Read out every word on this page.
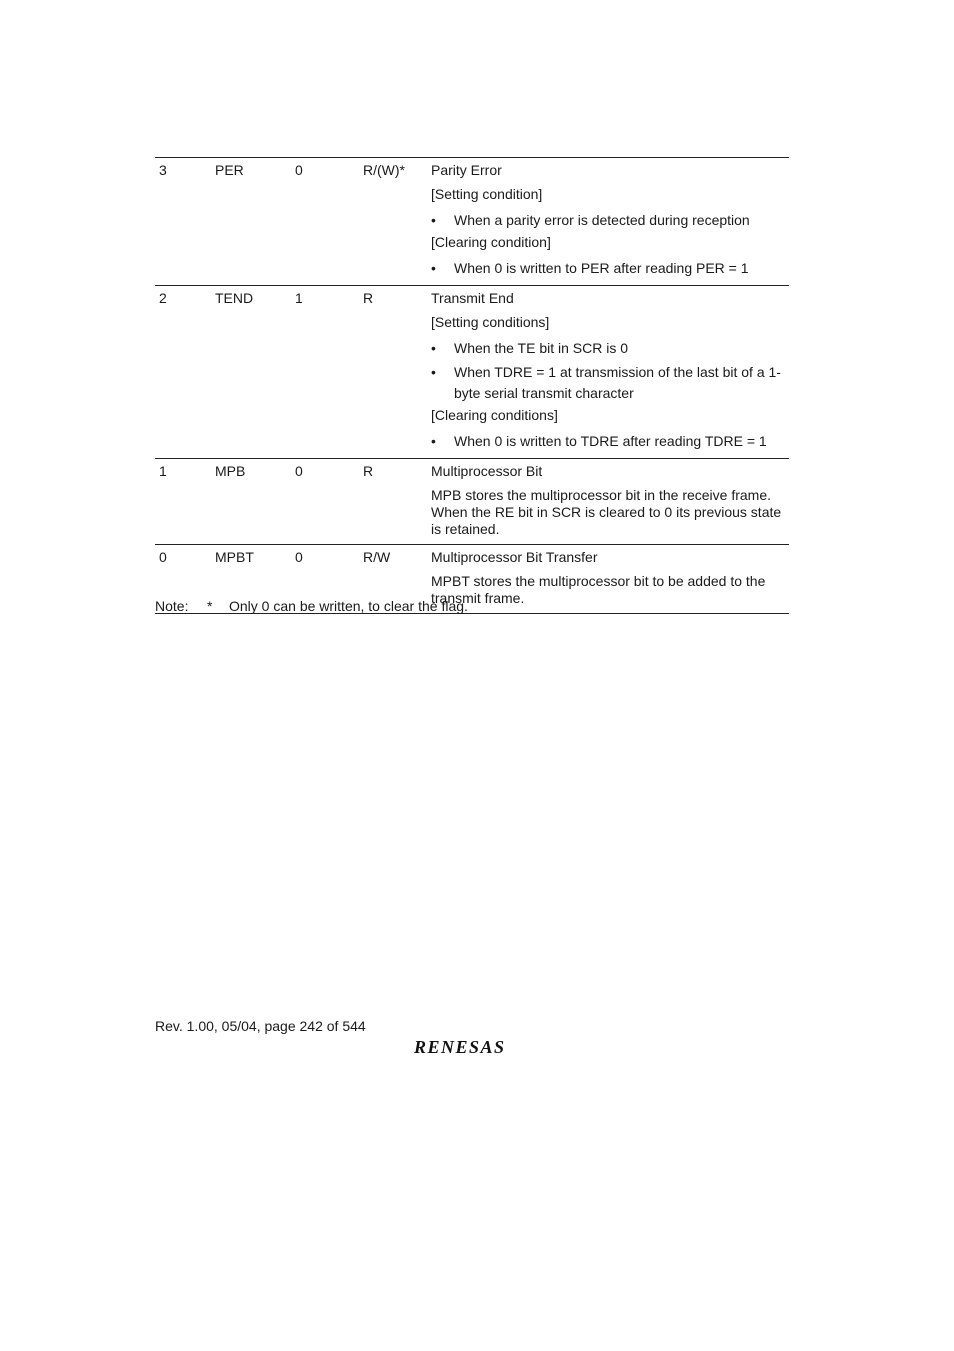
3	PER	0	R/(W)* Parity Error
[Setting condition]
• When a parity error is detected during reception
[Clearing condition]
• When 0 is written to PER after reading PER = 1
2	TEND	1	R	Transmit End
[Setting conditions]
• When the TE bit in SCR is 0
• When TDRE = 1 at transmission of the last bit of a 1-byte serial transmit character
[Clearing conditions]
• When 0 is written to TDRE after reading TDRE = 1
1	MPB	0	R	Multiprocessor Bit
MPB stores the multiprocessor bit in the receive frame. When the RE bit in SCR is cleared to 0 its previous state is retained.
0	MPBT	0	R/W	Multiprocessor Bit Transfer
MPBT stores the multiprocessor bit to be added to the transmit frame.
Note: * Only 0 can be written, to clear the flag.
Rev. 1.00, 05/04, page 242 of 544
RENESAS
